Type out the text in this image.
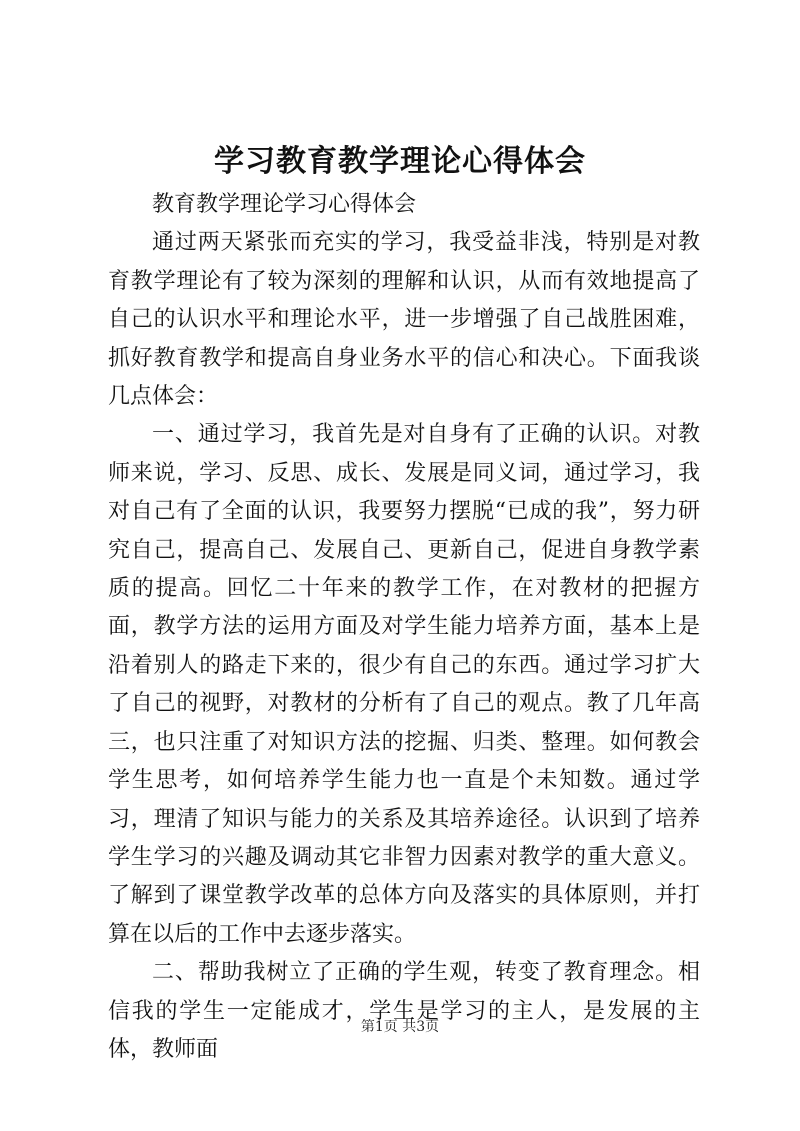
学习教育教学理论心得体会

教育教学理论学习心得体会

通过两天紧张而充实的学习，我受益非浅，特别是对教育教学理论有了较为深刻的理解和认识，从而有效地提高了自己的认识水平和理论水平，进一步增强了自己战胜困难，抓好教育教学和提高自身业务水平的信心和决心。下面我谈几点体会：

一、通过学习，我首先是对自身有了正确的认识。对教师来说，学习、反思、成长、发展是同义词，通过学习，我对自己有了全面的认识，我要努力摆脱“已成的我”，努力研究自己，提高自己、发展自己、更新自己，促进自身教学素质的提高。回忆二十年来的教学工作，在对教材的把握方面，教学方法的运用方面及对学生能力培养方面，基本上是沿着别人的路走下来的，很少有自己的东西。通过学习扩大了自己的视野，对教材的分析有了自己的观点。教了几年高三，也只注重了对知识方法的挖掘、归类、整理。如何教会学生思考，如何培养学生能力也一直是个未知数。通过学习，理清了知识与能力的关系及其培养途径。认识到了培养学生学习的兴趣及调动其它非智力因素对教学的重大意义。了解到了课堂教学改革的总体方向及落实的具体原则，并打算在以后的工作中去逐步落实。

二、帮助我树立了正确的学生观，转变了教育理念。相信我的学生一定能成才，学生是学习的主人，是发展的主体，教师面

第1页 共3页
